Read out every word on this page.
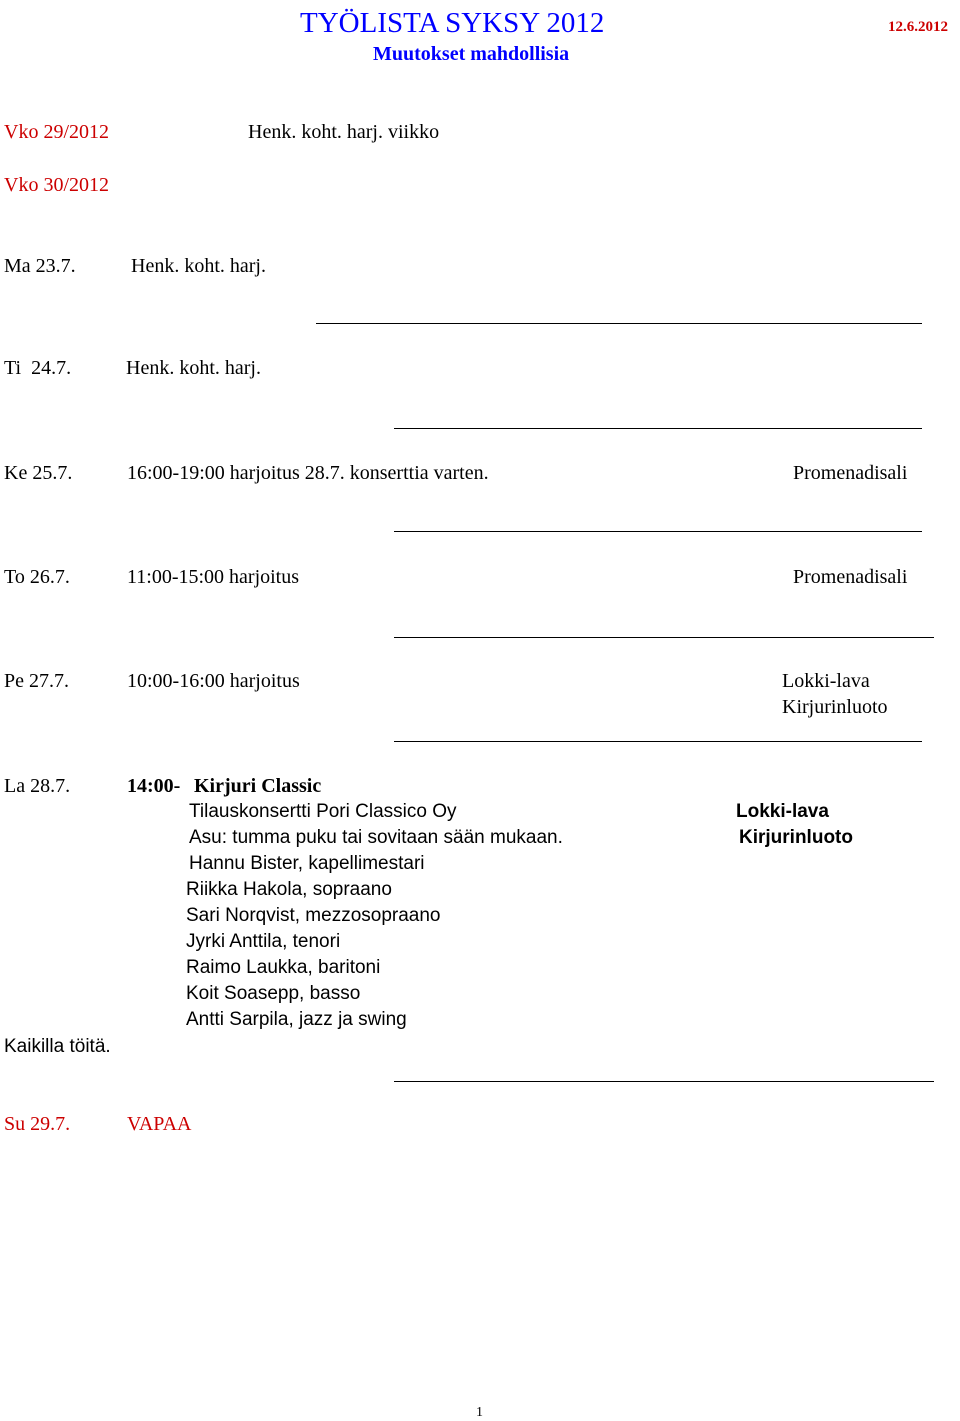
TYÖLISTA SYKSY 2012	12.6.2012
Muutokset mahdollisia
Vko 29/2012	Henk. koht. harj. viikko
Vko 30/2012
Ma 23.7.	Henk. koht. harj.
Ti  24.7.	Henk. koht. harj.
Ke 25.7.	16:00-19:00 harjoitus 28.7. konserttia varten.	Promenadisali
To 26.7.	11:00-15:00 harjoitus	Promenadisali
Pe 27.7.	10:00-16:00 harjoitus	Lokki-lava
Kirjurinluoto
La 28.7.	14:00- Kirjuri Classic
Tilauskonsertti Pori Classico Oy
Asu: tumma puku tai sovitaan sään mukaan.
Hannu Bister, kapellimestari
Riikka Hakola, sopraano
Sari Norqvist, mezzosopraano
Jyrki Anttila, tenori
Raimo Laukka, baritoni
Koit Soasepp, basso
Antti Sarpila, jazz ja swing
Lokki-lava
Kirjurinluoto
Kaikilla töitä.
Su 29.7.	VAPAA
1
